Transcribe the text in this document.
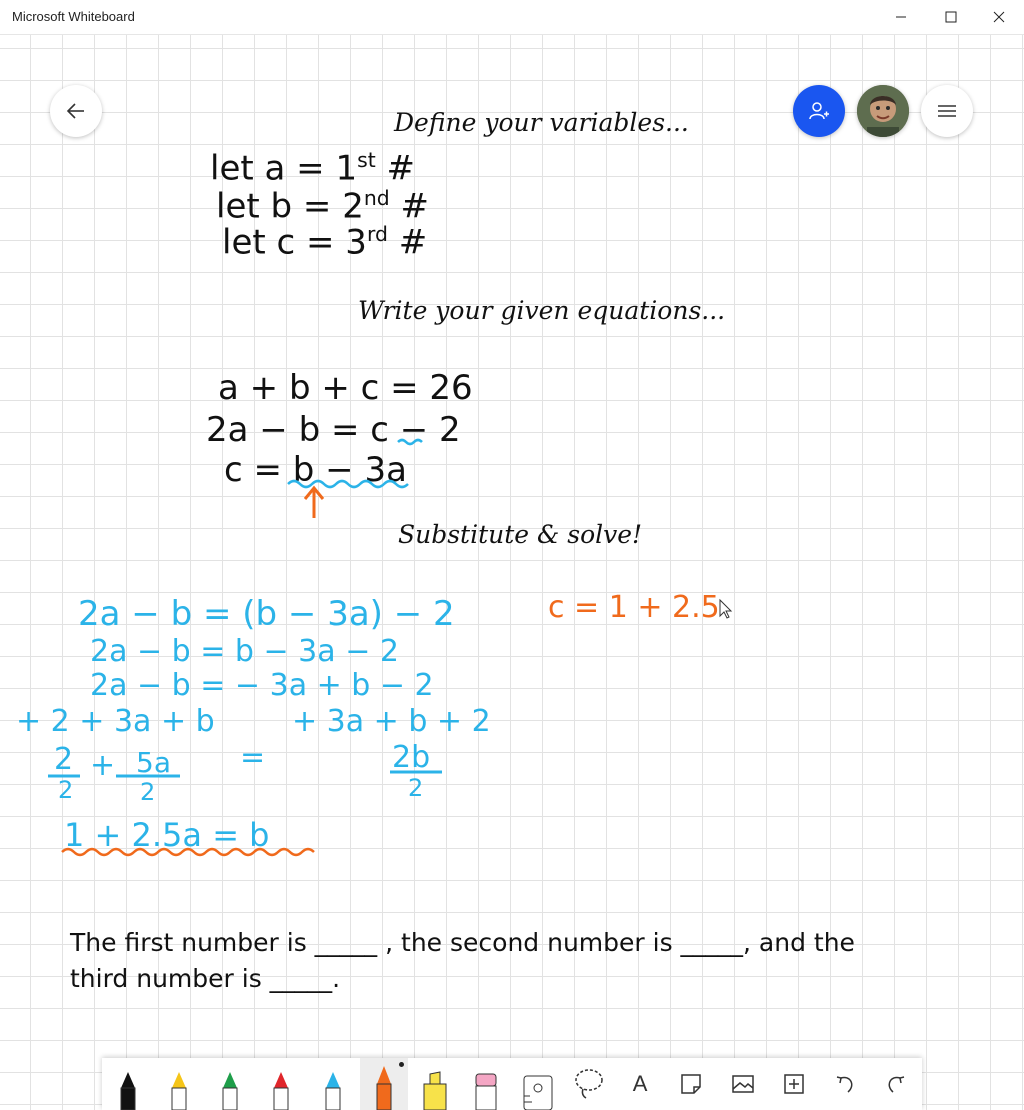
Microsoft Whiteboard
Define your variables...
let a = 1st #
let b = 2nd #
let c = 3rd #
Write your given equations...
a + b + c = 26
2a − b = c − 2
c = b − 3a
Substitute & solve!
2a − b = (b − 3a) − 2
2a − b = b − 3a − 2
2a − b = − 3a + b − 2
+ 2 + 3a + b	+ 3a + b + 2
2
2
+ 5a
2
=	2b
2
1 + 2.5a = b
c = 1 + 2.5
The first number is _____ , the second number is _____, and the
third number is _____.
A
